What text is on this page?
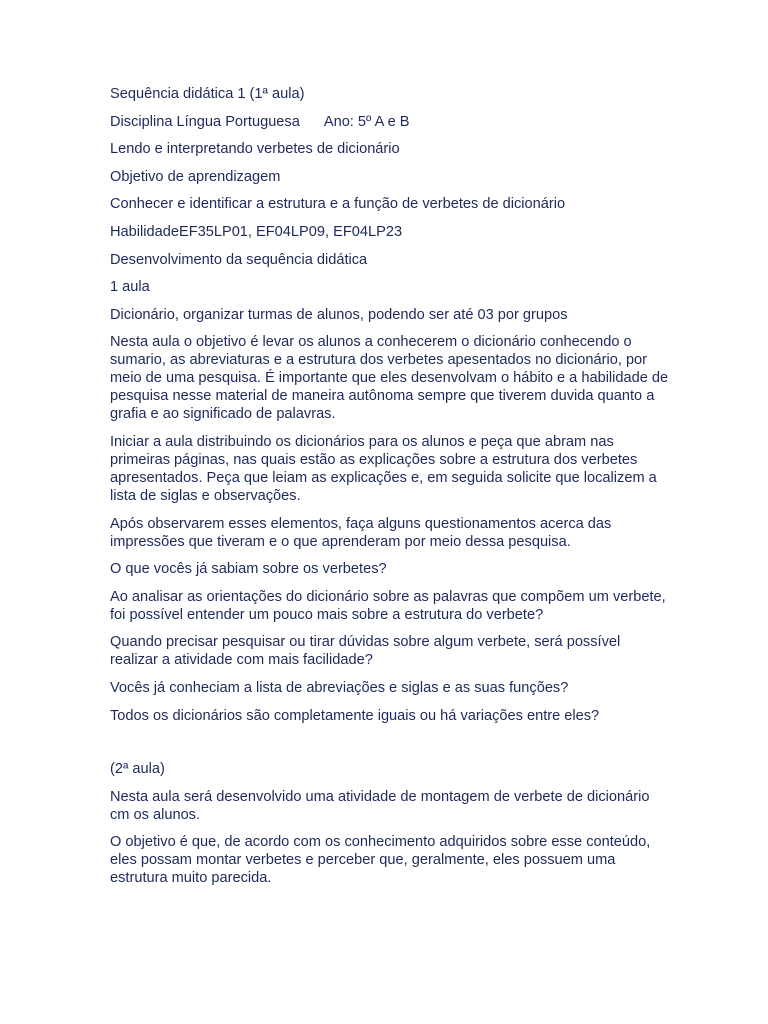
Sequência didática 1 (1ª aula)

Disciplina Língua Portuguesa Ano: 5º A e B

Lendo e interpretando verbetes de dicionário

Objetivo de aprendizagem

Conhecer e identificar a estrutura e a função de verbetes de dicionário

HabilidadeEF35LP01, EF04LP09, EF04LP23

Desenvolvimento da sequência didática

1 aula

Dicionário, organizar turmas de alunos, podendo ser até 03 por grupos

Nesta aula o objetivo é levar os alunos a conhecerem o dicionário conhecendo o sumario, as abreviaturas e a estrutura dos verbetes apesentados no dicionário, por meio de uma pesquisa. É importante que eles desenvolvam o hábito e a habilidade de pesquisa nesse material de maneira autônoma sempre que tiverem duvida quanto a grafia e ao significado de palavras.

Iniciar a aula distribuindo os dicionários para os alunos e peça que abram nas primeiras páginas, nas quais estão as explicações sobre a estrutura dos verbetes apresentados. Peça que leiam as explicações e, em seguida solicite que localizem a lista de siglas e observações.

Após observarem esses elementos, faça alguns questionamentos acerca das impressões que tiveram e o que aprenderam por meio dessa pesquisa.

O que vocês já sabiam sobre os verbetes?

Ao analisar as orientações do dicionário sobre as palavras que compõem um verbete, foi possível entender um pouco mais sobre a estrutura do verbete?

Quando precisar pesquisar ou tirar dúvidas sobre algum verbete, será possível realizar a atividade com mais facilidade?

Vocês já conheciam a lista de abreviações e siglas e as suas funções?

Todos os dicionários são completamente iguais ou há variações entre eles?

(2ª aula)

Nesta aula será desenvolvido uma atividade de montagem de verbete de dicionário cm os alunos.

O objetivo é que, de acordo com os conhecimento adquiridos sobre esse conteúdo, eles possam montar verbetes e perceber que, geralmente, eles possuem uma estrutura muito parecida.
